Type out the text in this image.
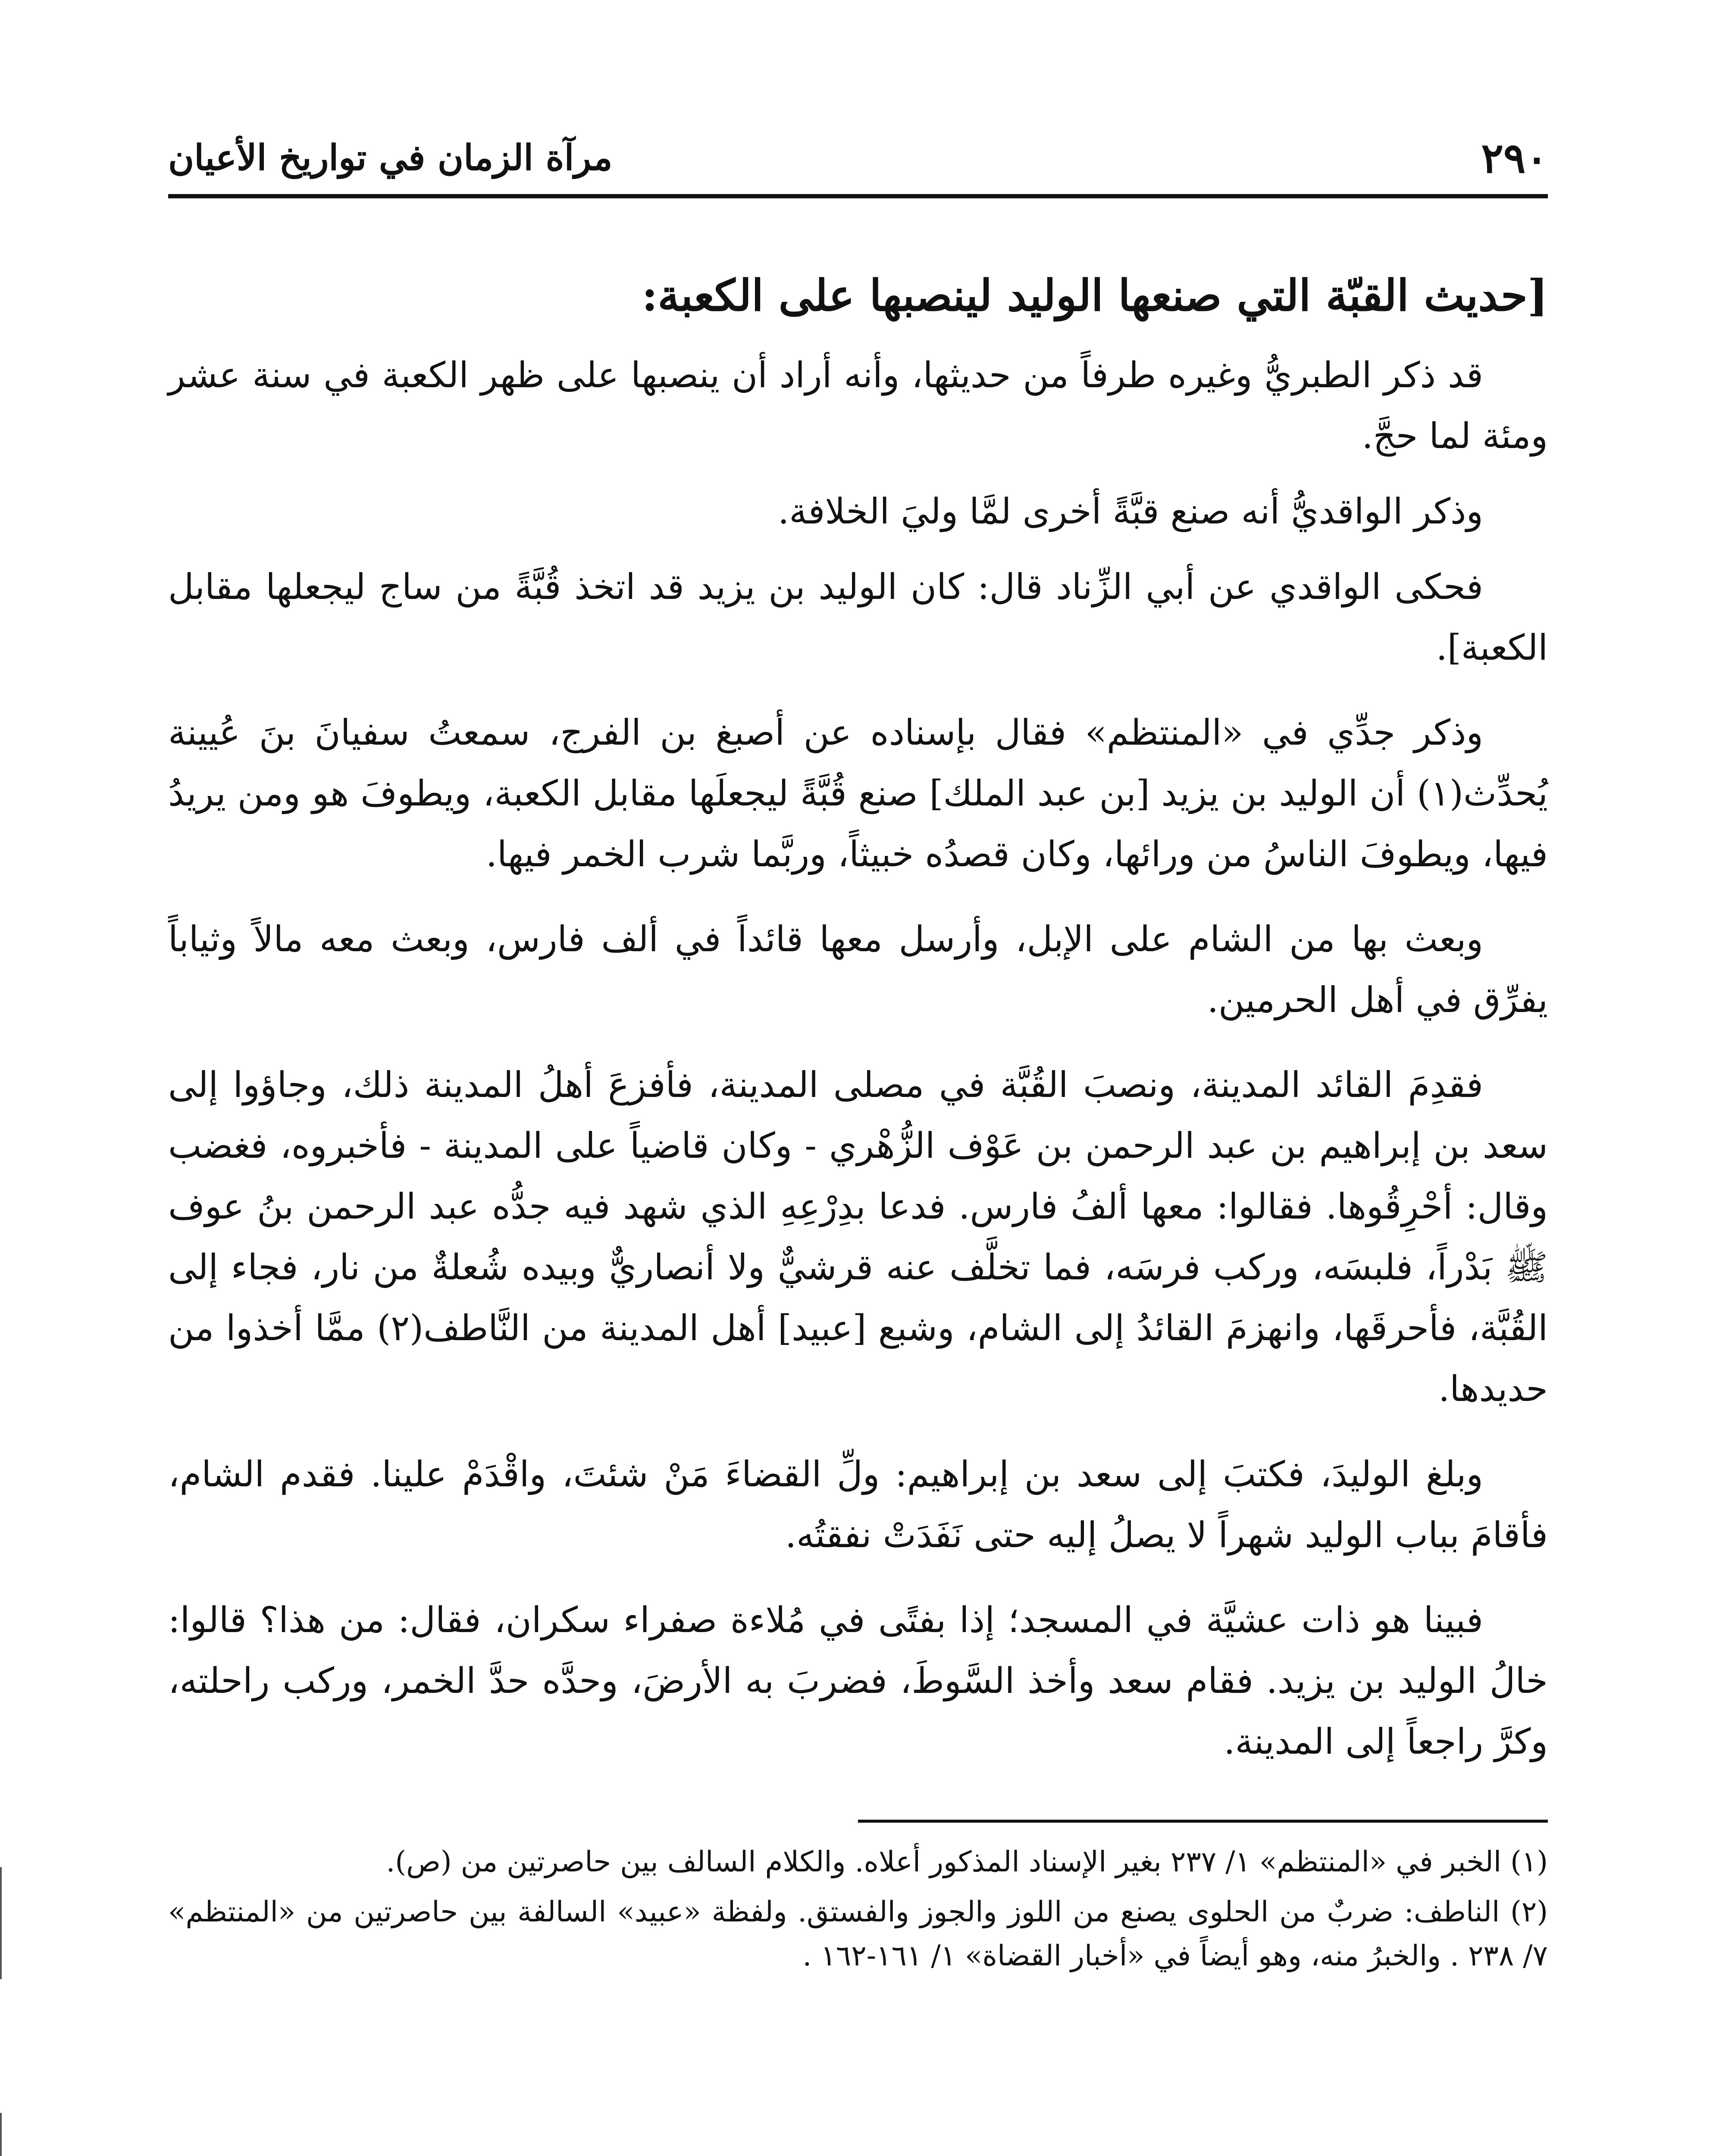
٢٩٠
مرآة الزمان في تواريخ الأعيان
[حديث القبّة التي صنعها الوليد لينصبها على الكعبة:

قد ذكر الطبريُّ وغيره طرفاً من حديثها، وأنه أراد أن ينصبها على ظهر الكعبة في سنة عشر ومئة لما حجَّ.

وذكر الواقديُّ أنه صنع قبَّةً أخرى لمَّا وليَ الخلافة.

فحكى الواقدي عن أبي الزِّناد قال: كان الوليد بن يزيد قد اتخذ قُبَّةً من ساج ليجعلها مقابل الكعبة].

وذكر جدِّي في «المنتظم» فقال بإسناده عن أصبغ بن الفرج، سمعتُ سفيانَ بنَ عُيينة يُحدِّث(١) أن الوليد بن يزيد [بن عبد الملك] صنع قُبَّةً ليجعلَها مقابل الكعبة، ويطوفَ هو ومن يريدُ فيها، ويطوفَ الناسُ من ورائها، وكان قصدُه خبيثاً، وربَّما شرب الخمر فيها.

وبعث بها من الشام على الإبل، وأرسل معها قائداً في ألف فارس، وبعث معه مالاً وثياباً يفرِّق في أهل الحرمين.

فقدِمَ القائد المدينة، ونصبَ القُبَّة في مصلى المدينة، فأفزعَ أهلُ المدينة ذلك، وجاؤوا إلى سعد بن إبراهيم بن عبد الرحمن بن عَوْف الزُّهْري - وكان قاضياً على المدينة - فأخبروه، فغضب وقال: أحْرِقُوها. فقالوا: معها ألفُ فارس. فدعا بدِرْعِهِ الذي شهد فيه جدُّه عبد الرحمن بنُ عوف ﷺ بَدْراً، فلبسَه، وركب فرسَه، فما تخلَّف عنه قرشيٌّ ولا أنصاريٌّ وبيده شُعلةٌ من نار، فجاء إلى القُبَّة، فأحرقَها، وانهزمَ القائدُ إلى الشام، وشبع [عبيد] أهل المدينة من النَّاطف(٢) ممَّا أخذوا من حديدها.

وبلغ الوليدَ، فكتبَ إلى سعد بن إبراهيم: ولِّ القضاءَ مَنْ شئتَ، واقْدَمْ علينا. فقدم الشام، فأقامَ بباب الوليد شهراً لا يصلُ إليه حتى نَفَدَتْ نفقتُه.

فبينا هو ذات عشيَّة في المسجد؛ إذا بفتًى في مُلاءة صفراء سكران، فقال: من هذا؟ قالوا: خالُ الوليد بن يزيد. فقام سعد وأخذ السَّوطَ، فضربَ به الأرضَ، وحدَّه حدَّ الخمر، وركب راحلته، وكرَّ راجعاً إلى المدينة.

(١) الخبر في «المنتظم» ١/ ٢٣٧ بغير الإسناد المذكور أعلاه. والكلام السالف بين حاصرتين من (ص).

(٢) الناطف: ضربٌ من الحلوى يصنع من اللوز والجوز والفستق. ولفظة «عبيد» السالفة بين حاصرتين من «المنتظم» ٧/ ٢٣٨ . والخبرُ منه، وهو أيضاً في «أخبار القضاة» ١/ ١٦١-١٦٢ .
